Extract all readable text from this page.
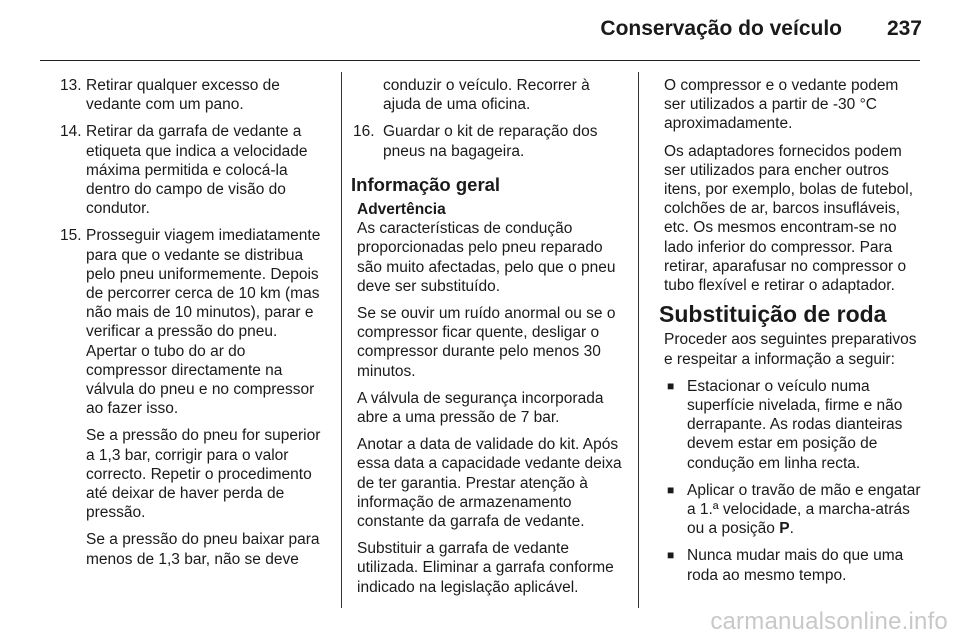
Conservação do veículo 237
13. Retirar qualquer excesso de vedante com um pano.
14. Retirar da garrafa de vedante a etiqueta que indica a velocidade máxima permitida e colocá-la dentro do campo de visão do condutor.
15. Prosseguir viagem imediatamente para que o vedante se distribua pelo pneu uniformemente. Depois de percorrer cerca de 10 km (mas não mais de 10 minutos), parar e verificar a pressão do pneu. Apertar o tubo do ar do compressor directamente na válvula do pneu e no compressor ao fazer isso.
Se a pressão do pneu for superior a 1,3 bar, corrigir para o valor correcto. Repetir o procedimento até deixar de haver perda de pressão.
Se a pressão do pneu baixar para menos de 1,3 bar, não se deve
conduzir o veículo. Recorrer à ajuda de uma oficina.
16. Guardar o kit de reparação dos pneus na bagageira.
Informação geral
Advertência

As características de condução proporcionadas pelo pneu reparado são muito afectadas, pelo que o pneu deve ser substituído.

Se se ouvir um ruído anormal ou se o compressor ficar quente, desligar o compressor durante pelo menos 30 minutos.

A válvula de segurança incorporada abre a uma pressão de 7 bar.

Anotar a data de validade do kit. Após essa data a capacidade vedante deixa de ter garantia. Prestar atenção à informação de armazenamento constante da garrafa de vedante.

Substituir a garrafa de vedante utilizada. Eliminar a garrafa conforme indicado na legislação aplicável.

O compressor e o vedante podem ser utilizados a partir de -30 °C aproximadamente.

Os adaptadores fornecidos podem ser utilizados para encher outros itens, por exemplo, bolas de futebol, colchões de ar, barcos insufláveis, etc. Os mesmos encontram-se no lado inferior do compressor. Para retirar, aparafusar no compressor o tubo flexível e retirar o adaptador.

Substituição de roda

Proceder aos seguintes preparativos e respeitar a informação a seguir:

■ Estacionar o veículo numa superfície nivelada, firme e não derrapante. As rodas dianteiras devem estar em posição de condução em linha recta.
■ Aplicar o travão de mão e engatar a 1.ª velocidade, a marcha-atrás ou a posição P.
■ Nunca mudar mais do que uma roda ao mesmo tempo.
carmanualsonline.info
